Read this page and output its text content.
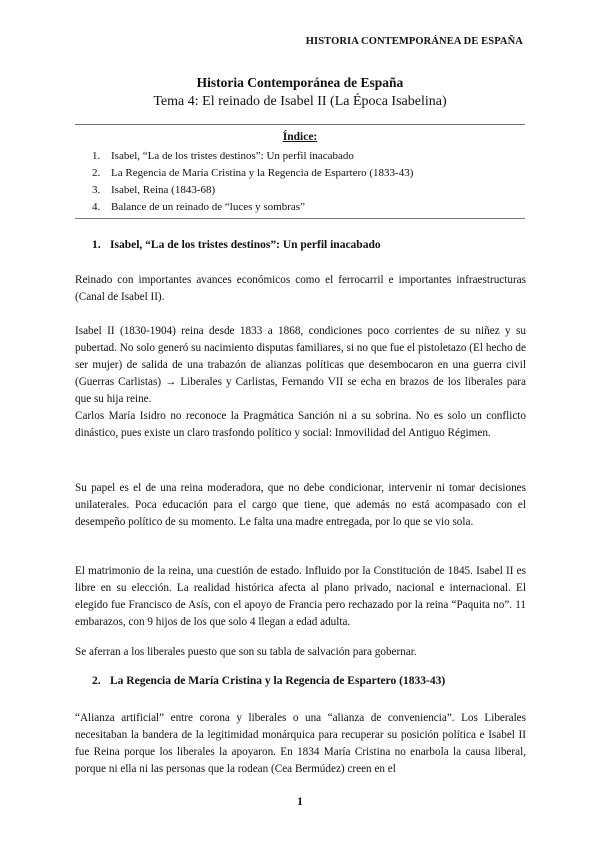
HISTORIA CONTEMPORÁNEA DE ESPAÑA
Historia Contemporánea de España
Tema 4: El reinado de Isabel II (La Época Isabelina)
Índice:
1. Isabel, “La de los tristes destinos”: Un perfil inacabado
2. La Regencia de María Cristina y la Regencia de Espartero (1833-43)
3. Isabel, Reina (1843-68)
4. Balance de un reinado de “luces y sombras”
1. Isabel, “La de los tristes destinos”: Un perfil inacabado

Reinado con importantes avances económicos como el ferrocarril e importantes infraestructuras (Canal de Isabel II).

Isabel II (1830-1904) reina desde 1833 a 1868, condiciones poco corrientes de su niñez y su pubertad. No solo generó su nacimiento disputas familiares, si no que fue el pistoletazo (El hecho de ser mujer) de salida de una trabazón de alianzas políticas que desembocaron en una guerra civil (Guerras Carlistas) → Liberales y Carlistas, Fernando VII se echa en brazos de los liberales para que su hija reine.

Carlos María Isidro no reconoce la Pragmática Sanción ni a su sobrina. No es solo un conflicto dinástico, pues existe un claro trasfondo político y social: Inmovilidad del Antiguo Régimen.

Su papel es el de una reina moderadora, que no debe condicionar, intervenir ni tomar decisiones unilaterales. Poca educación para el cargo que tiene, que además no está acompasado con el desempeño político de su momento. Le falta una madre entregada, por lo que se vio sola.

El matrimonio de la reina, una cuestión de estado. Influido por la Constitución de 1845. Isabel II es libre en su elección. La realidad histórica afecta al plano privado, nacional e internacional. El elegido fue Francisco de Asís, con el apoyo de Francia pero rechazado por la reina “Paquita no”. 11 embarazos, con 9 hijos de los que solo 4 llegan a edad adulta.

Se aferran a los liberales puesto que son su tabla de salvación para gobernar.

2. La Regencia de María Cristina y la Regencia de Espartero (1833-43)

“Alianza artificial” entre corona y liberales o una “alianza de conveniencia”. Los Liberales necesitaban la bandera de la legitimidad monárquica para recuperar su posición política e Isabel II fue Reina porque los liberales la apoyaron. En 1834 María Cristina no enarbola la causa liberal, porque ni ella ni las personas que la rodean (Cea Bermúdez) creen en el

1
